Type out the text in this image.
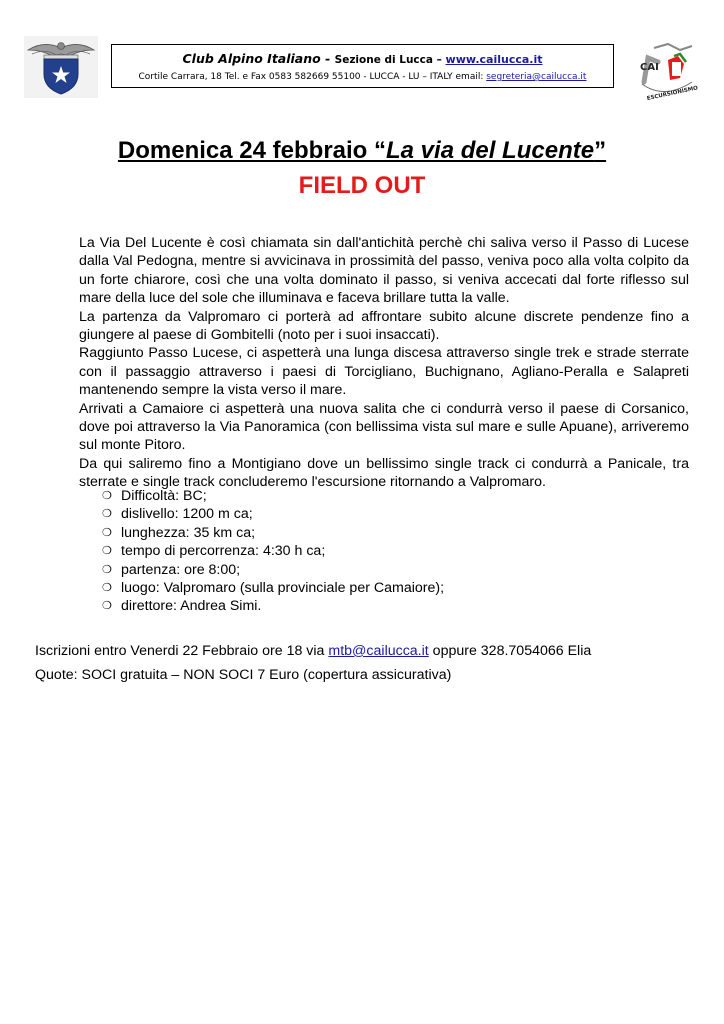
Club Alpino Italiano - Sezione di Lucca – www.cailucca.it
Cortile Carrara, 18 Tel. e Fax 0583 582669 55100 - LUCCA - LU – ITALY email: segreteria@cailucca.it
CAI
ESCURSIONISMO
Domenica 24 febbraio “La via del Lucente”
FIELD OUT

La Via Del Lucente è così chiamata sin dall'antichità perchè chi saliva verso il Passo di Lucese dalla Val Pedogna, mentre si avvicinava in prossimità del passo, veniva poco alla volta colpito da un forte chiarore, così che una volta dominato il passo, si veniva accecati dal forte riflesso sul mare della luce del sole che illuminava e faceva brillare tutta la valle.

La partenza da Valpromaro ci porterà ad affrontare subito alcune discrete pendenze fino a giungere al paese di Gombitelli (noto per i suoi insaccati).

Raggiunto Passo Lucese, ci aspetterà una lunga discesa attraverso single trek e strade sterrate con il passaggio attraverso i paesi di Torcigliano, Buchignano, Agliano-Peralla e Salapreti mantenendo sempre la vista verso il mare.

Arrivati a Camaiore ci aspetterà una nuova salita che ci condurrà verso il paese di Corsanico, dove poi attraverso la Via Panoramica (con bellissima vista sul mare e sulle Apuane), arriveremo sul monte Pitoro.

Da qui saliremo fino a Montigiano dove un bellissimo single track ci condurrà a Panicale, tra sterrate e single track concluderemo l'escursione ritornando a Valpromaro.

❍ Difficoltà: BC;
❍ dislivello: 1200 m ca;
❍ lunghezza: 35 km ca;
❍ tempo di percorrenza: 4:30 h ca;
❍ partenza: ore 8:00;
❍ luogo: Valpromaro (sulla provinciale per Camaiore);
❍ direttore: Andrea Simi.
Iscrizioni entro Venerdi 22 Febbraio ore 18 via mtb@cailucca.it oppure 328.7054066 Elia
Quote: SOCI gratuita – NON SOCI 7 Euro (copertura assicurativa)
